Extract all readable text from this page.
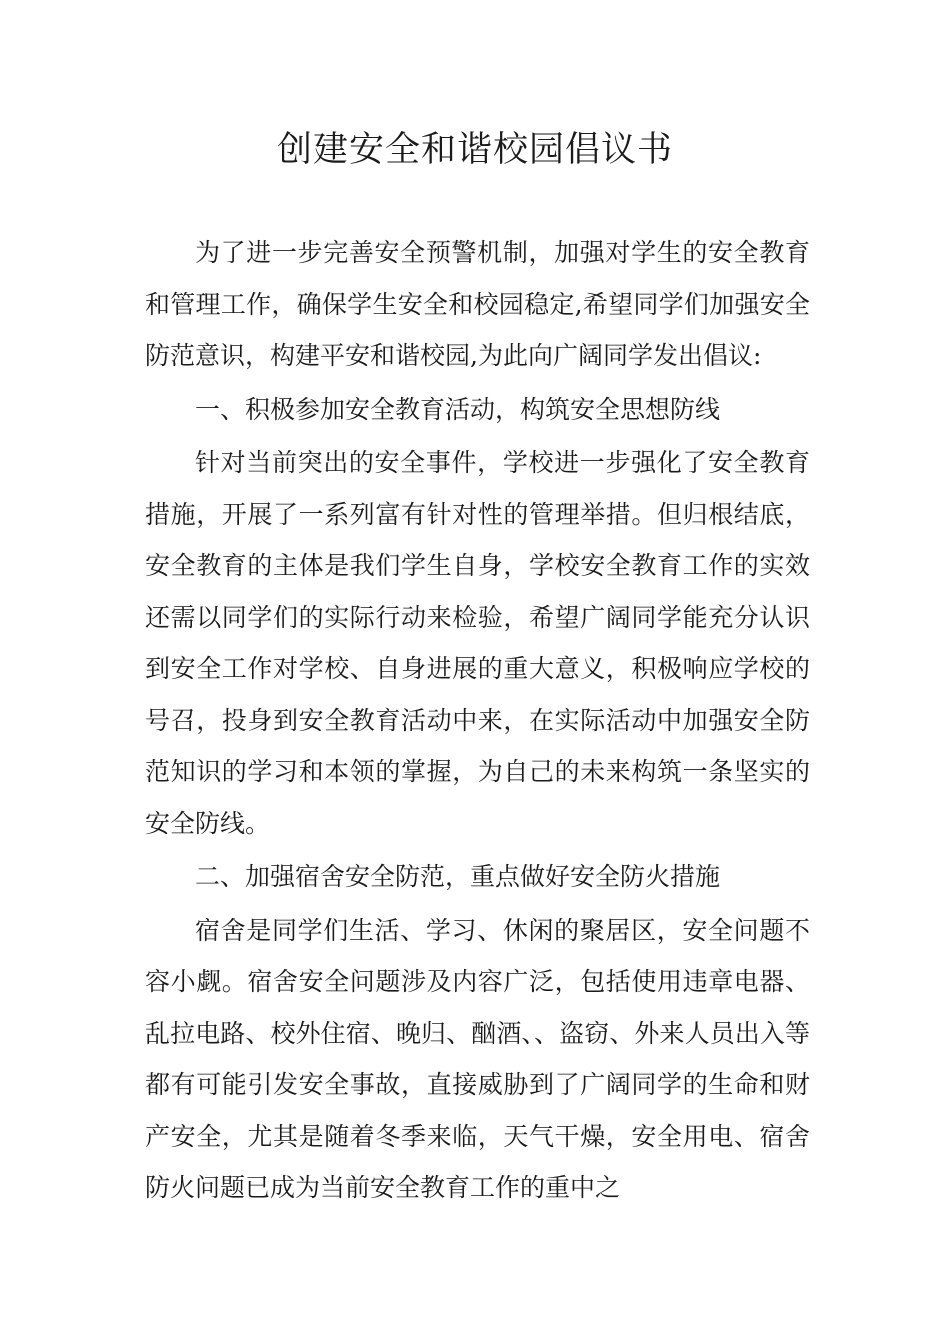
创建安全和谐校园倡议书

为了进一步完善安全预警机制，加强对学生的安全教育和管理工作，确保学生安全和校园稳定,希望同学们加强安全防范意识，构建平安和谐校园,为此向广阔同学发出倡议:

一、积极参加安全教育活动，构筑安全思想防线

针对当前突出的安全事件，学校进一步强化了安全教育措施，开展了一系列富有针对性的管理举措。但归根结底，安全教育的主体是我们学生自身，学校安全教育工作的实效还需以同学们的实际行动来检验，希望广阔同学能充分认识到安全工作对学校、自身进展的重大意义，积极响应学校的号召，投身到安全教育活动中来，在实际活动中加强安全防范知识的学习和本领的掌握，为自己的未来构筑一条坚实的安全防线。

二、加强宿舍安全防范，重点做好安全防火措施

宿舍是同学们生活、学习、休闲的聚居区，安全问题不容小觑。宿舍安全问题涉及内容广泛，包括使用违章电器、乱拉电路、校外住宿、晚归、酗酒、、盗窃、外来人员出入等都有可能引发安全事故，直接威胁到了广阔同学的生命和财产安全，尤其是随着冬季来临，天气干燥，安全用电、宿舍防火问题已成为当前安全教育工作的重中之
